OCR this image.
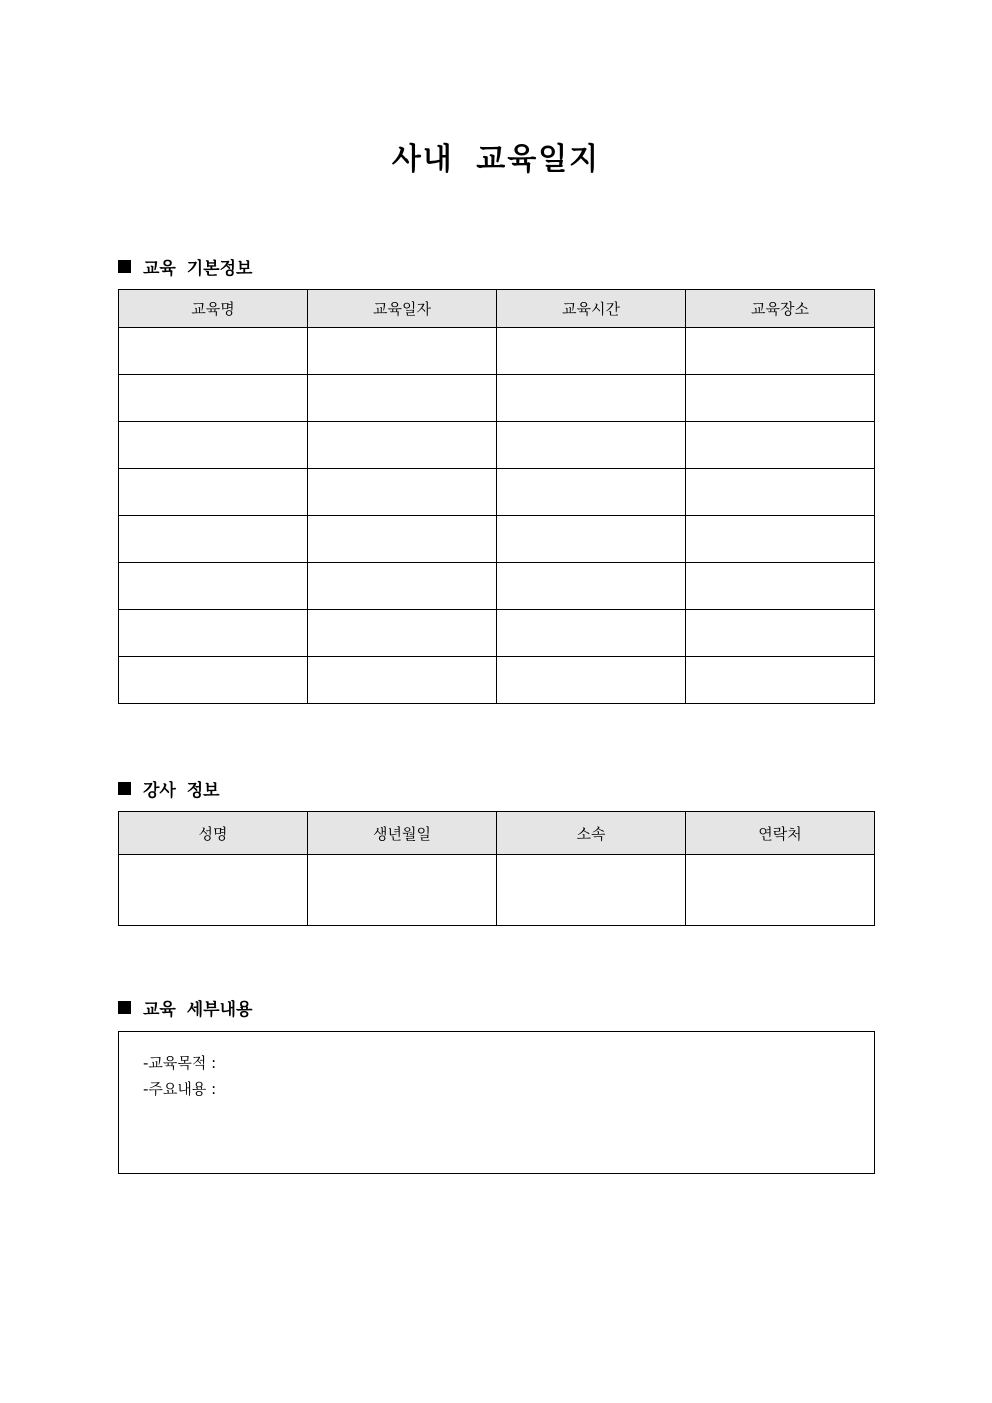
사내 교육일지
교육 기본정보
교육명	교육일자	교육시간	교육장소

강사 정보
성명	생년월일	소속	연락처

교육 세부내용
-교육목적 :
-주요내용 :
